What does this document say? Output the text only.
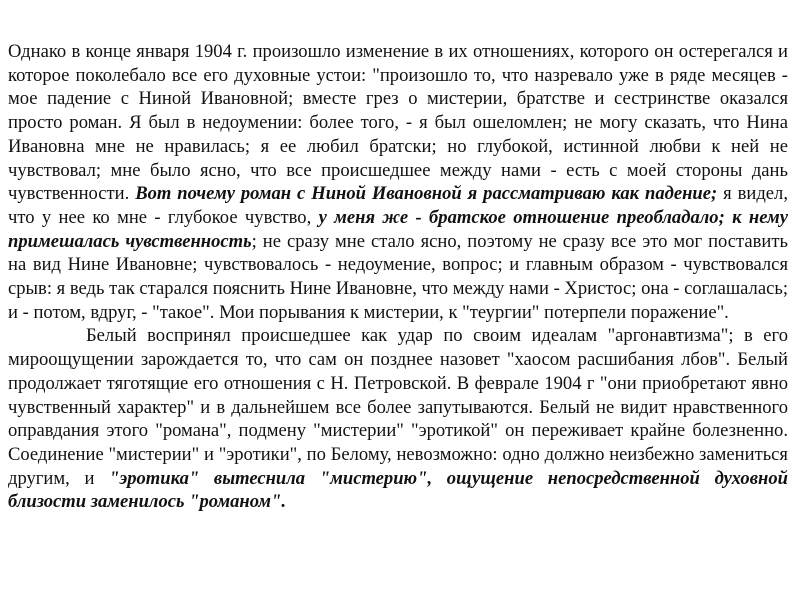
Однако в конце января 1904 г. произошло изменение в их отношениях, которого он остерегался и которое поколебало все его духовные устои: "произошло то, что назревало уже в ряде месяцев - мое падение с Ниной Ивановной; вместе грез о мистерии, братстве и сестринстве оказался просто роман. Я был в недоумении: более того, - я был ошеломлен; не могу сказать, что Нина Ивановна мне не нравилась; я ее любил братски; но глубокой, истинной любви к ней не чувствовал; мне было ясно, что все происшедшее между нами - есть с моей стороны дань чувственности. Вот почему роман с Ниной Ивановной я рассматриваю как падение; я видел, что у нее ко мне - глубокое чувство, у меня же - братское отношение преобладало; к нему примешалась чувственность; не сразу мне стало ясно, поэтому не сразу все это мог поставить на вид Нине Ивановне; чувствовалось - недоумение, вопрос; и главным образом - чувствовался срыв: я ведь так старался пояснить Нине Ивановне, что между нами - Христос; она - соглашалась; и - потом, вдруг, - "такое". Мои порывания к мистерии, к "теургии" потерпели поражение".

Белый воспринял происшедшее как удар по своим идеалам "аргонавтизма"; в его мироощущении зарождается то, что сам он позднее назовет "хаосом расшибания лбов". Белый продолжает тяготящие его отношения с Н. Петровской. В феврале 1904 г "они приобретают явно чувственный характер" и в дальнейшем все более запутываются. Белый не видит нравственного оправдания этого "романа", подмену "мистерии" "эротикой" он переживает крайне болезненно. Соединение "мистерии" и "эротики", по Белому, невозможно: одно должно неизбежно замениться другим, и "эротика" вытеснила "мистерию", ощущение непосредственной духовной близости заменилось "романом".
